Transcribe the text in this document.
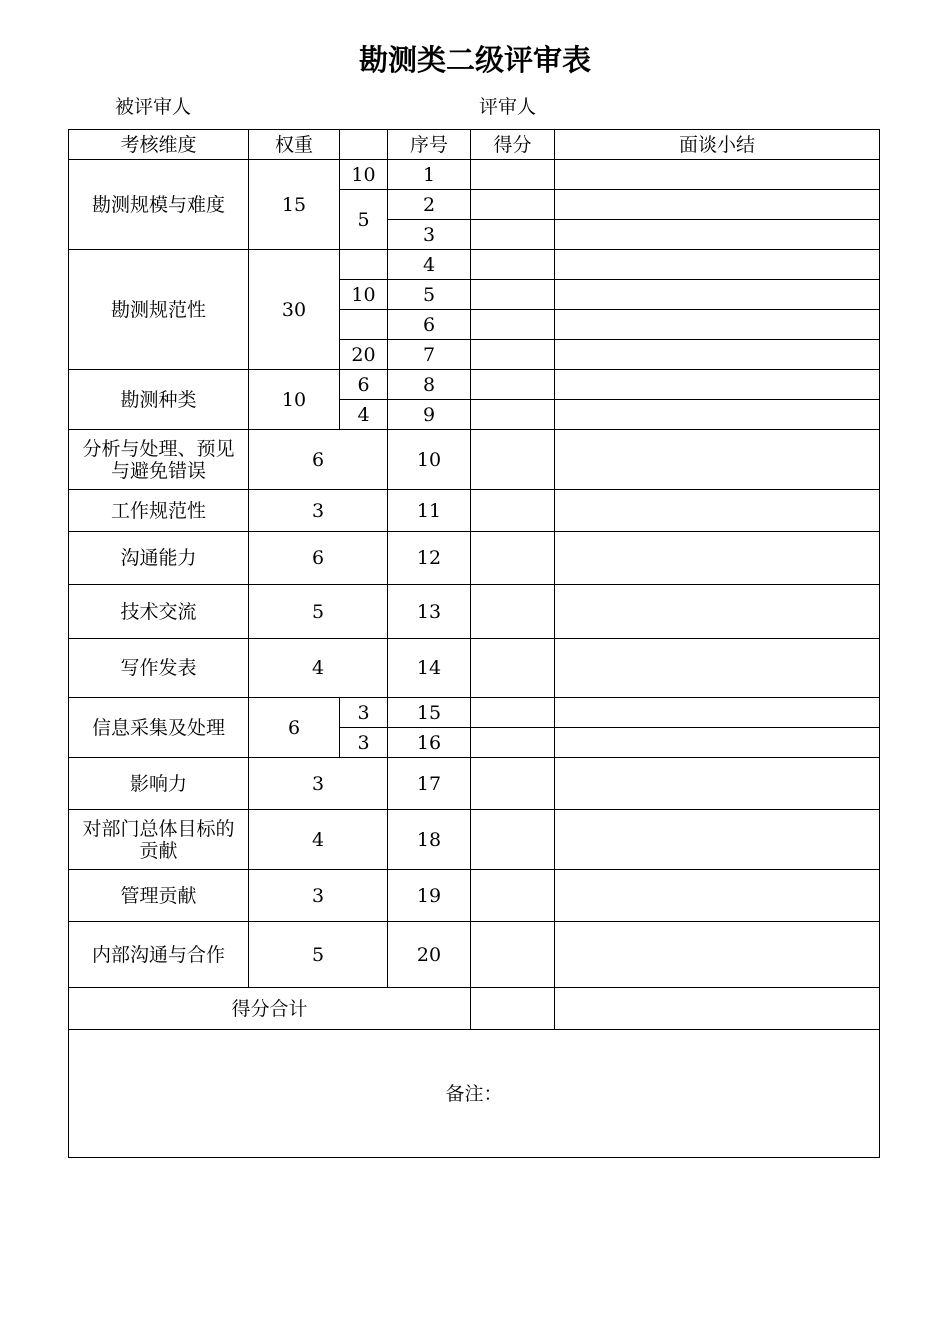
勘测类二级评审表
被评审人	评审人
考核维度	权重		序号	得分	面谈小结
勘测规模与难度	15	10	1		
		5	2		
			3		
勘测规范性	30		4		
		10	5		
			6		
		20	7		
勘测种类	10	6	8		
		4	9		
分析与处理、预见与避免错误	6		10		
工作规范性	3		11		
沟通能力	6		12		
技术交流	5		13		
写作发表	4		14		
信息采集及处理	6	3	15		
		3	16		
影响力	3		17		
对部门总体目标的贡献	4		18		
管理贡献	3		19		
内部沟通与合作	5		20		
得分合计					
备注：					
